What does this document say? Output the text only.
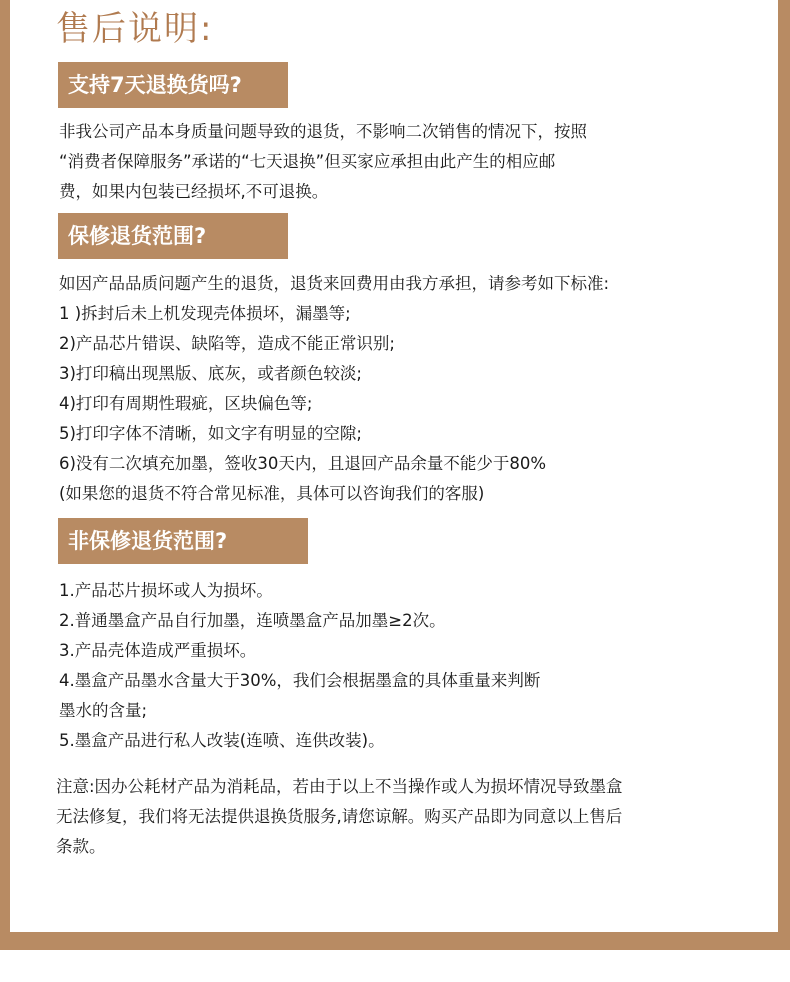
售后说明:
支持7天退换货吗?
非我公司产品本身质量问题导致的退货，不影响二次销售的情况下，按照
“消费者保障服务”承诺的“七天退换”但买家应承担由此产生的相应邮
费，如果内包装已经损坏,不可退换。
保修退货范围?
如因产品品质问题产生的退货，退货来回费用由我方承担，请参考如下标准:
1 )拆封后未上机发现壳体损坏，漏墨等;
2)产品芯片错误、缺陷等，造成不能正常识别;
3)打印稿出现黑版、底灰，或者颜色较淡;
4)打印有周期性瑕疵，区块偏色等;
5)打印字体不清晰，如文字有明显的空隙;
6)没有二次填充加墨，签收30天内，且退回产品余量不能少于80%
(如果您的退货不符合常见标准，具体可以咨询我们的客服)
非保修退货范围?
1.产品芯片损坏或人为损坏。
2.普通墨盒产品自行加墨，连喷墨盒产品加墨≥2次。
3.产品壳体造成严重损坏。
4.墨盒产品墨水含量大于30%，我们会根据墨盒的具体重量来判断
墨水的含量;
5.墨盒产品进行私人改装(连喷、连供改装)。
注意:因办公耗材产品为消耗品，若由于以上不当操作或人为损坏情况导致墨盒
无法修复，我们将无法提供退换货服务,请您谅解。购买产品即为同意以上售后
条款。
